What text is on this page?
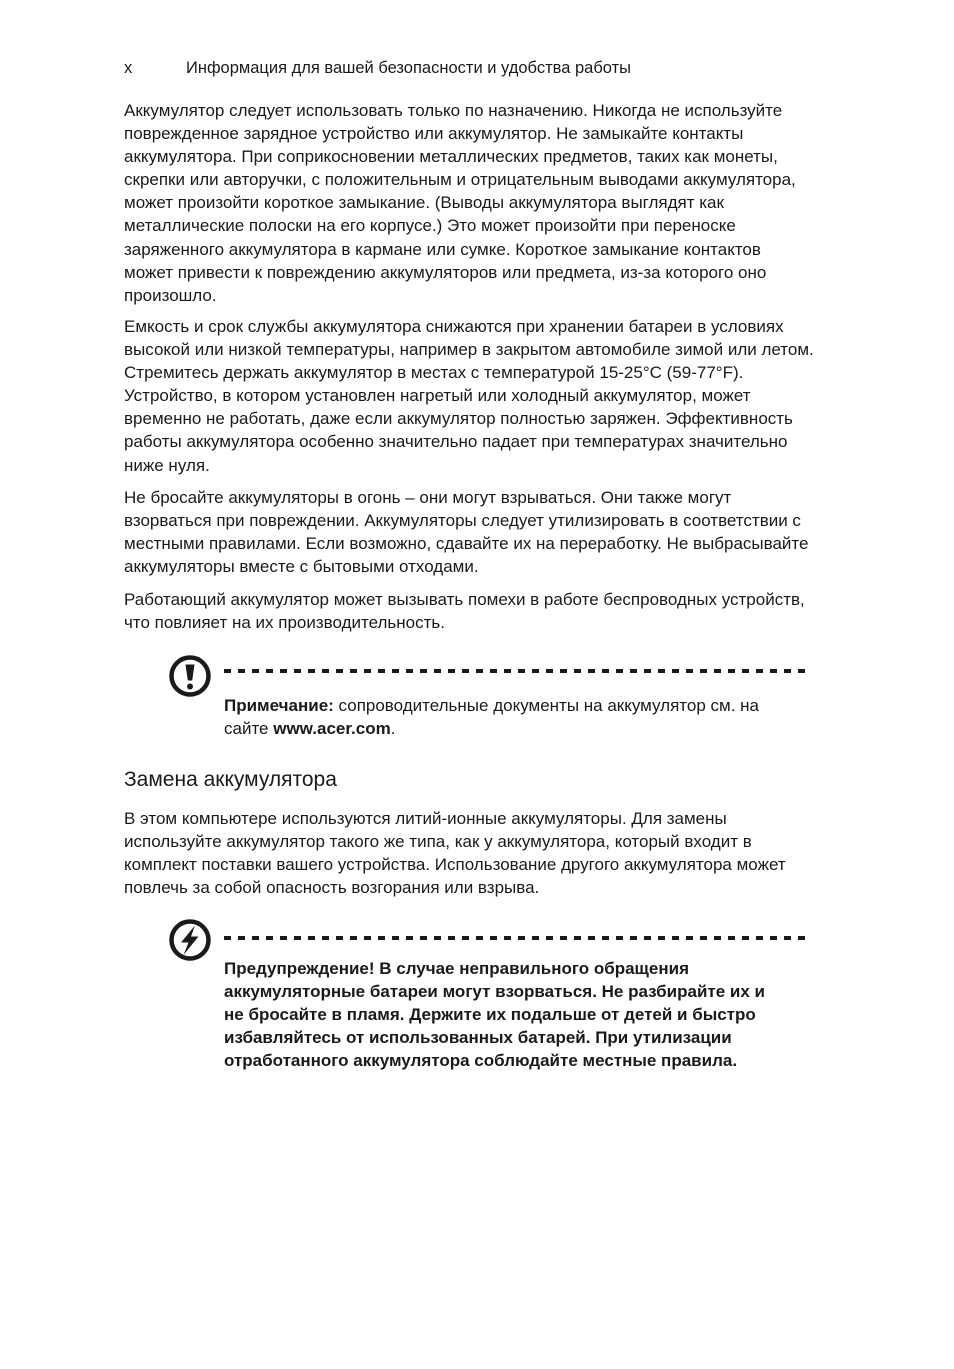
x	Информация для вашей безопасности и удобства работы

Аккумулятор следует использовать только по назначению. Никогда не используйте поврежденное зарядное устройство или аккумулятор. Не замыкайте контакты аккумулятора. При соприкосновении металлических предметов, таких как монеты, скрепки или авторучки, с положительным и отрицательным выводами аккумулятора, может произойти короткое замыкание. (Выводы аккумулятора выглядят как металлические полоски на его корпусе.) Это может произойти при переноске заряженного аккумулятора в кармане или сумке. Короткое замыкание контактов может привести к повреждению аккумуляторов или предмета, из-за которого оно произошло.

Емкость и срок службы аккумулятора снижаются при хранении батареи в условиях высокой или низкой температуры, например в закрытом автомобиле зимой или летом. Стремитесь держать аккумулятор в местах с температурой 15-25°C (59-77°F). Устройство, в котором установлен нагретый или холодный аккумулятор, может временно не работать, даже если аккумулятор полностью заряжен. Эффективность работы аккумулятора особенно значительно падает при температурах значительно ниже нуля.

Не бросайте аккумуляторы в огонь – они могут взрываться. Они также могут взорваться при повреждении. Аккумуляторы следует утилизировать в соответствии с местными правилами. Если возможно, сдавайте их на переработку. Не выбрасывайте аккумуляторы вместе с бытовыми отходами.

Работающий аккумулятор может вызывать помехи в работе беспроводных устройств, что повлияет на их производительность.

Примечание: сопроводительные документы на аккумулятор см. на сайте www.acer.com.

Замена аккумулятора

В этом компьютере используются литий-ионные аккумуляторы. Для замены используйте аккумулятор такого же типа, как у аккумулятора, который входит в комплект поставки вашего устройства. Использование другого аккумулятора может повлечь за собой опасность возгорания или взрыва.

Предупреждение! В случае неправильного обращения аккумуляторные батареи могут взорваться. Не разбирайте их и не бросайте в пламя. Держите их подальше от детей и быстро избавляйтесь от использованных батарей. При утилизации отработанного аккумулятора соблюдайте местные правила.
